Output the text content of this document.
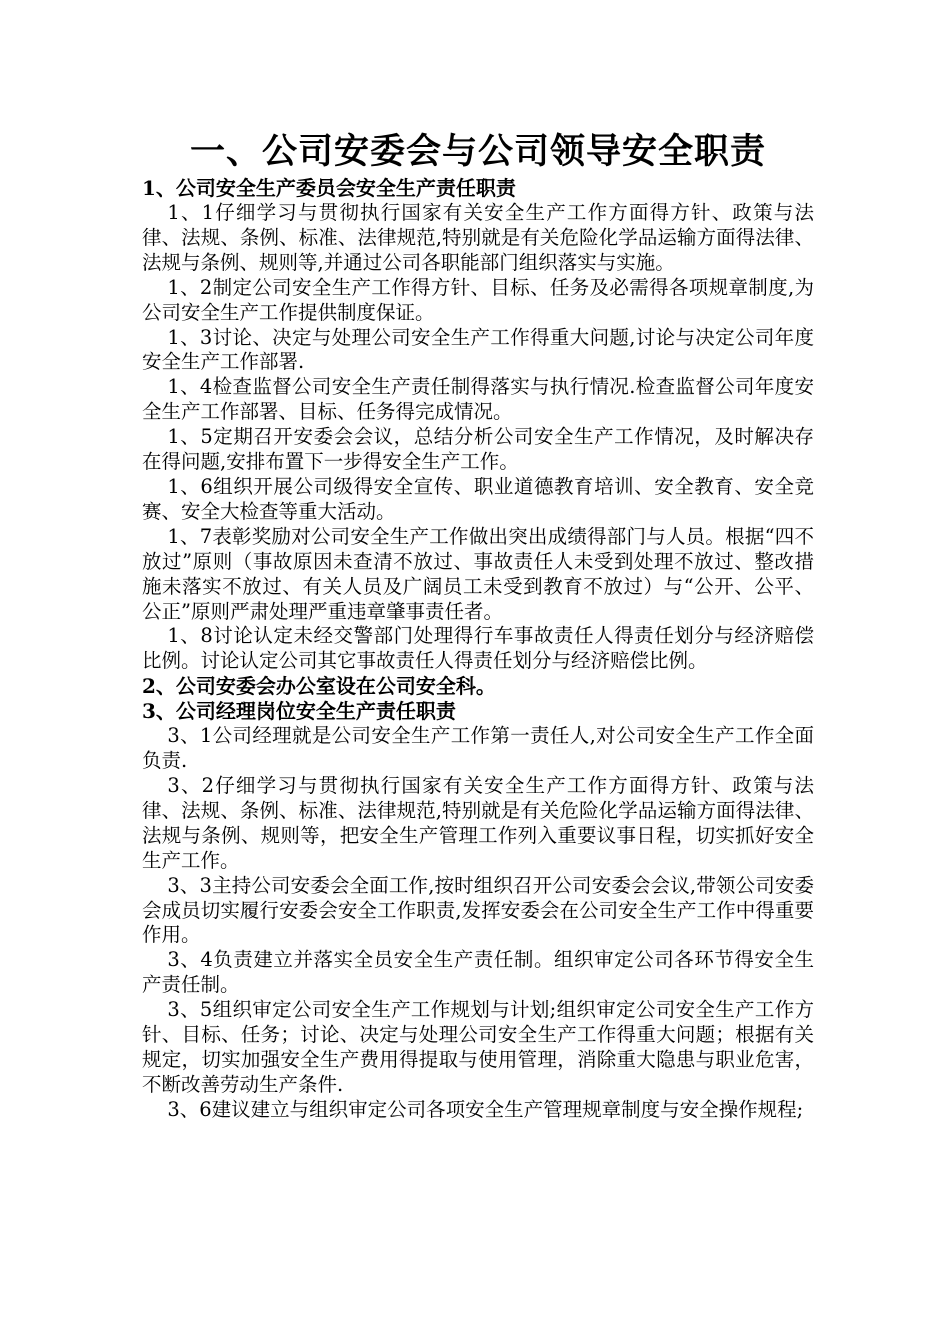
一、公司安委会与公司领导安全职责
1、公司安全生产委员会安全生产责任职责

1、1仔细学习与贯彻执行国家有关安全生产工作方面得方针、政策与法律、法规、条例、标准、法律规范,特别就是有关危险化学品运输方面得法律、法规与条例、规则等,并通过公司各职能部门组织落实与实施。

1、2制定公司安全生产工作得方针、目标、任务及必需得各项规章制度,为公司安全生产工作提供制度保证。

1、3讨论、决定与处理公司安全生产工作得重大问题,讨论与决定公司年度安全生产工作部署.

1、4检查监督公司安全生产责任制得落实与执行情况.检查监督公司年度安全生产工作部署、目标、任务得完成情况。

1、5定期召开安委会会议，总结分析公司安全生产工作情况，及时解决存在得问题,安排布置下一步得安全生产工作。

1、6组织开展公司级得安全宣传、职业道德教育培训、安全教育、安全竞赛、安全大检查等重大活动。

1、7表彰奖励对公司安全生产工作做出突出成绩得部门与人员。根据“四不放过”原则（事故原因未查清不放过、事故责任人未受到处理不放过、整改措施未落实不放过、有关人员及广阔员工未受到教育不放过）与“公开、公平、公正”原则严肃处理严重违章肇事责任者。

1、8讨论认定未经交警部门处理得行车事故责任人得责任划分与经济赔偿比例。讨论认定公司其它事故责任人得责任划分与经济赔偿比例。

2、公司安委会办公室设在公司安全科。
3、公司经理岗位安全生产责任职责

3、1公司经理就是公司安全生产工作第一责任人,对公司安全生产工作全面负责.

3、2仔细学习与贯彻执行国家有关安全生产工作方面得方针、政策与法律、法规、条例、标准、法律规范,特别就是有关危险化学品运输方面得法律、法规与条例、规则等，把安全生产管理工作列入重要议事日程，切实抓好安全生产工作。

3、3主持公司安委会全面工作,按时组织召开公司安委会会议,带领公司安委会成员切实履行安委会安全工作职责,发挥安委会在公司安全生产工作中得重要作用。

3、4负责建立并落实全员安全生产责任制。组织审定公司各环节得安全生产责任制。

3、5组织审定公司安全生产工作规划与计划;组织审定公司安全生产工作方针、目标、任务；讨论、决定与处理公司安全生产工作得重大问题；根据有关规定，切实加强安全生产费用得提取与使用管理，消除重大隐患与职业危害，不断改善劳动生产条件.

3、6建议建立与组织审定公司各项安全生产管理规章制度与安全操作规程;
